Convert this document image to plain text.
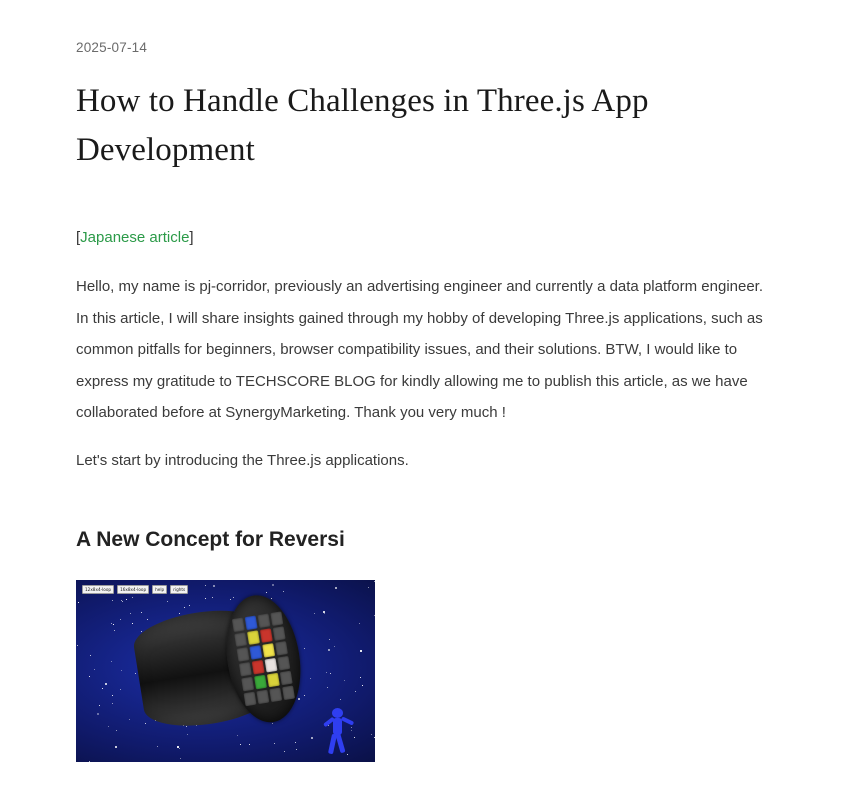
2025-07-14
How to Handle Challenges in Three.js App Development
[Japanese article]

Hello, my name is pj-corridor, previously an advertising engineer and currently a data platform engineer. In this article, I will share insights gained through my hobby of developing Three.js applications, such as common pitfalls for beginners, browser compatibility issues, and their solutions. BTW, I would like to express my gratitude to TECHSCORE BLOG for kindly allowing me to publish this article, as we have collaborated before at SynergyMarketing. Thank you very much !

Let's start by introducing the Three.js applications.

A New Concept for Reversi
12x8x4-loop	16x8x4-loop	help	rights
